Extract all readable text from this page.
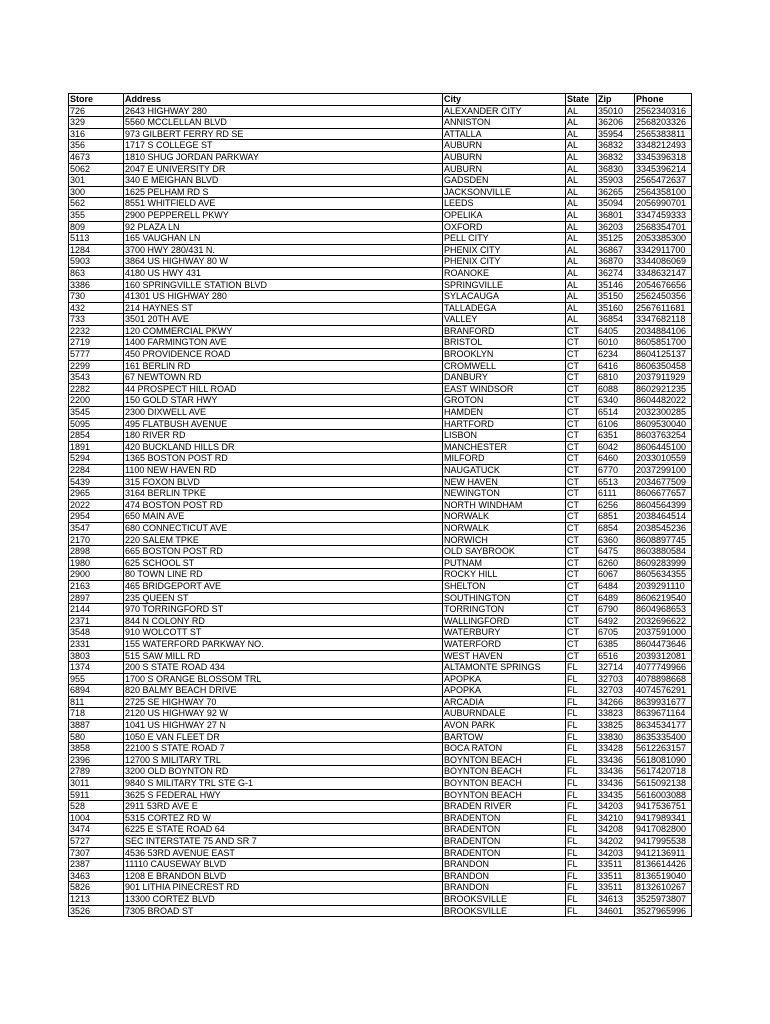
Store	Address	City	State	Zip	Phone
726	2643 HIGHWAY 280	ALEXANDER CITY	AL	35010	2562340316
329	5560 MCCLELLAN BLVD	ANNISTON	AL	36206	2568203326
316	973 GILBERT FERRY RD SE	ATTALLA	AL	35954	2565383811
356	1717 S COLLEGE ST	AUBURN	AL	36832	3348212493
4673	1810 SHUG JORDAN PARKWAY	AUBURN	AL	36832	3345396318
5062	2047 E UNIVERSITY DR	AUBURN	AL	36830	3345396214
301	340 E MEIGHAN BLVD	GADSDEN	AL	35903	2565472637
300	1625 PELHAM RD S	JACKSONVILLE	AL	36265	2564358100
562	8551 WHITFIELD AVE	LEEDS	AL	35094	2056990701
355	2900 PEPPERELL PKWY	OPELIKA	AL	36801	3347459333
809	92 PLAZA LN	OXFORD	AL	36203	2568354701
5113	165 VAUGHAN LN	PELL CITY	AL	35125	2053385300
1284	3700 HWY 280/431 N.	PHENIX CITY	AL	36867	3342911700
5903	3864 US HIGHWAY 80 W	PHENIX CITY	AL	36870	3344086069
863	4180 US HWY 431	ROANOKE	AL	36274	3348632147
3386	160 SPRINGVILLE STATION BLVD	SPRINGVILLE	AL	35146	2054676656
730	41301 US HIGHWAY 280	SYLACAUGA	AL	35150	2562450356
432	214 HAYNES ST	TALLADEGA	AL	35160	2567611681
733	3501 20TH AVE	VALLEY	AL	36854	3347682118
2232	120 COMMERCIAL PKWY	BRANFORD	CT	6405	2034884106
2719	1400 FARMINGTON AVE	BRISTOL	CT	6010	8605851700
5777	450 PROVIDENCE ROAD	BROOKLYN	CT	6234	8604125137
2299	161 BERLIN RD	CROMWELL	CT	6416	8606350458
3543	67 NEWTOWN RD	DANBURY	CT	6810	2037911929
2282	44 PROSPECT HILL ROAD	EAST WINDSOR	CT	6088	8602921235
2200	150 GOLD STAR HWY	GROTON	CT	6340	8604482022
3545	2300 DIXWELL AVE	HAMDEN	CT	6514	2032300285
5095	495 FLATBUSH AVENUE	HARTFORD	CT	6106	8609530040
2854	180 RIVER RD	LISBON	CT	6351	8603763254
1891	420 BUCKLAND HILLS DR	MANCHESTER	CT	6042	8606445100
5294	1365 BOSTON POST RD	MILFORD	CT	6460	2033010559
2284	1100 NEW HAVEN RD	NAUGATUCK	CT	6770	2037299100
5439	315 FOXON BLVD	NEW HAVEN	CT	6513	2034677509
2965	3164 BERLIN TPKE	NEWINGTON	CT	6111	8606677657
2022	474 BOSTON POST RD	NORTH WINDHAM	CT	6256	8604564399
2954	650 MAIN AVE	NORWALK	CT	6851	2038464514
3547	680 CONNECTICUT AVE	NORWALK	CT	6854	2038545236
2170	220 SALEM TPKE	NORWICH	CT	6360	8608897745
2898	665 BOSTON POST RD	OLD SAYBROOK	CT	6475	8603880584
1980	625 SCHOOL ST	PUTNAM	CT	6260	8609283999
2900	80 TOWN LINE RD	ROCKY HILL	CT	6067	8605634355
2163	465 BRIDGEPORT AVE	SHELTON	CT	6484	2039291110
2897	235 QUEEN ST	SOUTHINGTON	CT	6489	8606219540
2144	970 TORRINGFORD ST	TORRINGTON	CT	6790	8604968653
2371	844 N COLONY RD	WALLINGFORD	CT	6492	2032696622
3548	910 WOLCOTT ST	WATERBURY	CT	6705	2037591000
2331	155 WATERFORD PARKWAY NO.	WATERFORD	CT	6385	8604473646
3803	515 SAW MILL RD	WEST HAVEN	CT	6516	2039312081
1374	200 S STATE ROAD 434	ALTAMONTE SPRINGS	FL	32714	4077749966
955	1700 S ORANGE BLOSSOM TRL	APOPKA	FL	32703	4078898668
6894	820 BALMY BEACH DRIVE	APOPKA	FL	32703	4074576291
811	2725 SE HIGHWAY 70	ARCADIA	FL	34266	8639931677
718	2120 US HIGHWAY 92 W	AUBURNDALE	FL	33823	8639671164
3887	1041 US HIGHWAY 27 N	AVON PARK	FL	33825	8634534177
580	1050 E VAN FLEET DR	BARTOW	FL	33830	8635335400
3858	22100 S STATE ROAD 7	BOCA RATON	FL	33428	5612263157
2396	12700 S MILITARY TRL	BOYNTON BEACH	FL	33436	5618081090
2789	3200 OLD BOYNTON RD	BOYNTON BEACH	FL	33436	5617420718
3011	9840 S MILITARY TRL STE G-1	BOYNTON BEACH	FL	33436	5615092138
5911	3625 S FEDERAL HWY	BOYNTON BEACH	FL	33435	5616003088
528	2911 53RD AVE E	BRADEN RIVER	FL	34203	9417536751
1004	5315 CORTEZ RD W	BRADENTON	FL	34210	9417989341
3474	6225 E STATE ROAD 64	BRADENTON	FL	34208	9417082800
5727	SEC INTERSTATE 75 AND SR 7	BRADENTON	FL	34202	9417995538
7307	4536 53RD AVENUE EAST	BRADENTON	FL	34203	9412136911
2387	11110 CAUSEWAY BLVD	BRANDON	FL	33511	8136614426
3463	1208 E BRANDON BLVD	BRANDON	FL	33511	8136519040
5826	901 LITHIA PINECREST RD	BRANDON	FL	33511	8132610267
1213	13300 CORTEZ BLVD	BROOKSVILLE	FL	34613	3525973807
3526	7305 BROAD ST	BROOKSVILLE	FL	34601	3527965996
